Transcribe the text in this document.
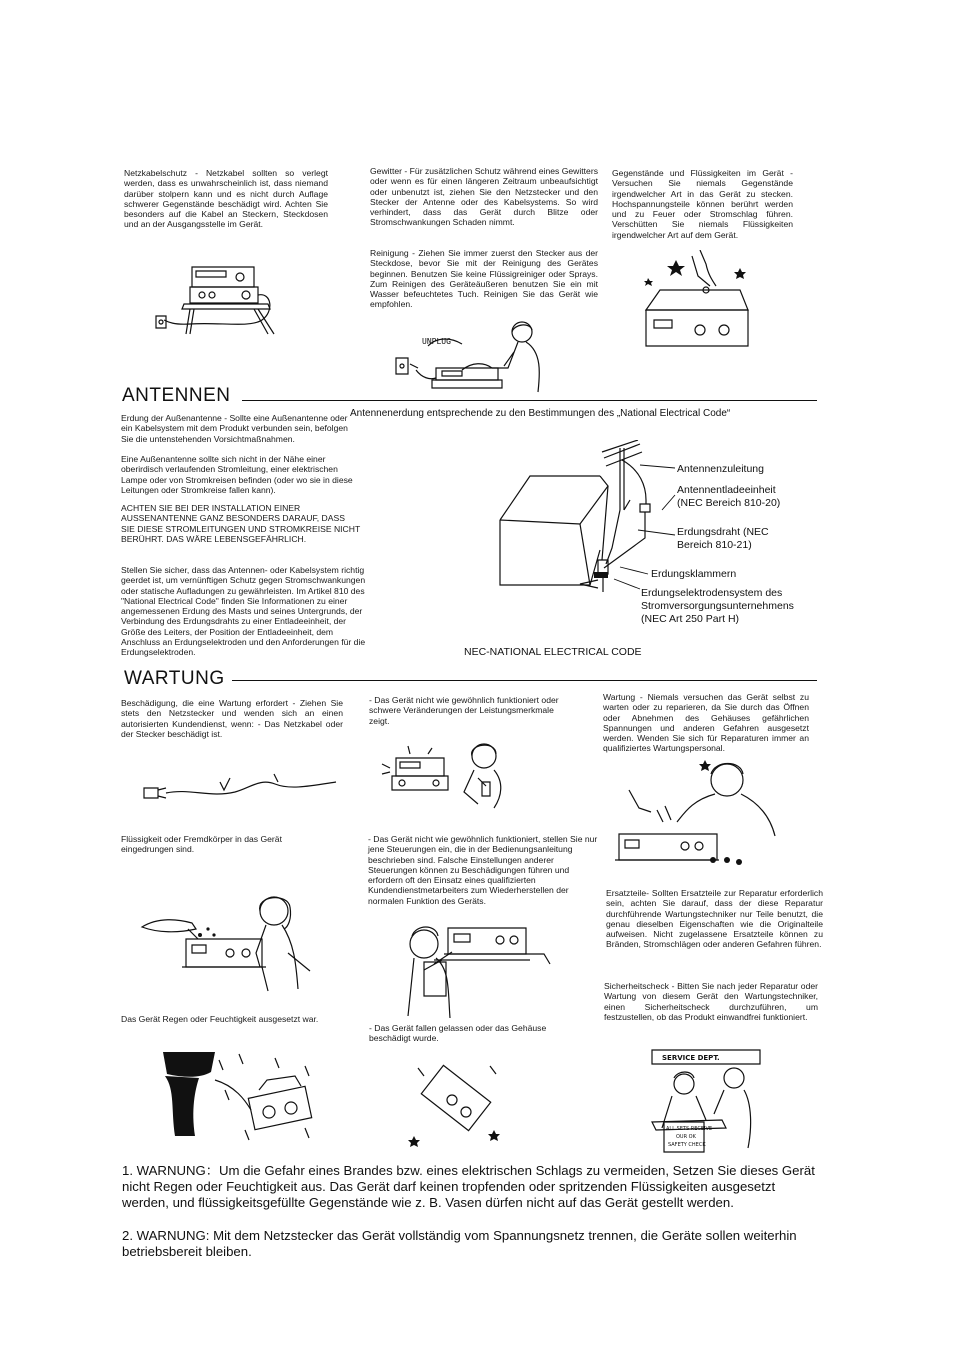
Netzkabelschutz - Netzkabel sollten so verlegt werden, dass es unwahrscheinlich ist, dass niemand darüber stolpern kann und es nicht durch Auflage schwerer Gegenstände beschädigt wird. Achten Sie besonders auf die Kabel an Steckern, Steckdosen und an der Ausgangsstelle im Gerät.
Gewitter - Für zusätzlichen Schutz während eines Gewitters oder wenn es für einen längeren Zeitraum unbeaufsichtigt oder unbenutzt ist, ziehen Sie den Netzstecker und den Stecker der Antenne oder des Kabelsystems. So wird verhindert, dass das Gerät durch Blitze oder Stromschwankungen Schaden nimmt.
Reinigung - Ziehen Sie immer zuerst den Stecker aus der Steckdose, bevor Sie mit der Reinigung des Gerätes beginnen. Benutzen Sie keine Flüssigreiniger oder Sprays. Zum Reinigen des Geräteäußeren benutzen Sie ein mit Wasser befeuchtetes Tuch. Reinigen Sie das Gerät wie empfohlen.
Gegenstände und Flüssigkeiten im Gerät - Versuchen Sie niemals Gegenstände irgendwelcher Art in das Gerät zu stecken. Hochspannungsteile können berührt werden und zu Feuer oder Stromschlag führen. Verschütten Sie niemals Flüssigkeiten irgendwelcher Art auf dem Gerät.
UNPLUG
ANTENNEN
Erdung der Außenantenne - Sollte eine Außenantenne oder ein Kabelsystem mit dem Produkt verbunden sein, befolgen Sie die untenstehenden Vorsichtmaßnahmen.
Eine Außenantenne sollte sich nicht in der Nähe einer oberirdisch verlaufenden Stromleitung, einer elektrischen Lampe oder von Stromkreisen befinden (oder wo sie in diese Leitungen oder Stromkreise fallen kann).
ACHTEN SIE BEI DER INSTALLATION EINER AUSSENANTENNE GANZ BESONDERS DARAUF, DASS SIE DIESE STROMLEITUNGEN UND STROMKREISE NICHT BERÜHRT. DAS WÄRE LEBENSGEFÄHRLICH.
Stellen Sie sicher, dass das Antennen- oder Kabelsystem richtig geerdet ist, um vernünftigen Schutz gegen Stromschwankungen oder statische Aufladungen zu gewährleisten. Im Artikel 810 des "National Electrical Code" finden Sie Informationen zu einer angemessenen Erdung des Masts und seines Untergrunds, der Verbindung des Erdungsdrahts zu einer Entladeeinheit, der Größe des Leiters, der Position der Entladeeinheit, dem Anschluss an Erdungselektroden und den Anforderungen für die Erdungselektroden.
Antennenerdung entsprechende zu den Bestimmungen des „National Electrical Code“
Antennenzuleitung
Antennentladeeinheit
(NEC Bereich 810-20)
Erdungsdraht (NEC
Bereich 810-21)
Erdungsklammern
Erdungselektrodensystem des
Stromversorgungsunternehmens
(NEC Art 250 Part H)
NEC-NATIONAL ELECTRICAL CODE
WARTUNG
Beschädigung, die eine Wartung erfordert - Ziehen Sie stets den Netzstecker und wenden sich an einen autorisierten Kundendienst, wenn: - Das Netzkabel oder der Stecker beschädigt ist.
- Das Gerät nicht wie gewöhnlich funktioniert oder schwere Veränderungen der Leistungsmerkmale zeigt.
Wartung - Niemals versuchen das Gerät selbst zu warten oder zu reparieren, da Sie durch das Öffnen oder Abnehmen des Gehäuses gefährlichen Spannungen und anderen Gefahren ausgesetzt werden. Wenden Sie sich für Reparaturen immer an qualifiziertes Wartungspersonal.
Flüssigkeit oder Fremdkörper in das Gerät eingedrungen sind.
- Das Gerät nicht wie gewöhnlich funktioniert, stellen Sie nur jene Steuerungen ein, die in der Bedienungsanleitung beschrieben sind. Falsche Einstellungen anderer Steuerungen können zu Beschädigungen führen und erfordern oft den Einsatz eines qualifizierten Kundendienstmetarbeiters zum Wiederherstellen der normalen Funktion des Geräts.
Ersatzteile- Sollten Ersatzteile zur Reparatur erforderlich sein, achten Sie darauf, dass der diese Reparatur durchführende Wartungstechniker nur Teile benutzt, die genau dieselben Eigenschaften wie die Originalteile aufweisen. Nicht zugelassene Ersatzteile können zu Bränden, Stromschlägen oder anderen Gefahren führen.
Sicherheitscheck - Bitten Sie nach jeder Reparatur oder Wartung von diesem Gerät den Wartungstechniker, einen Sicherheitscheck durchzuführen, um festzustellen, ob das Produkt einwandfrei funktioniert.
Das Gerät Regen oder Feuchtigkeit ausgesetzt war.
- Das Gerät fallen gelassen oder das Gehäuse beschädigt wurde.
SERVICE DEPT.
ALL SETS RECEIVE
OUR OK
SAFETY CHECK
1. WARNUNG：Um die Gefahr eines Brandes bzw. eines elektrischen Schlags zu vermeiden, Setzen Sie dieses Gerät nicht Regen oder Feuchtigkeit aus. Das Gerät darf keinen tropfenden oder spritzenden Flüssigkeiten ausgesetzt werden, und flüssigkeitsgefüllte Gegenstände wie z. B. Vasen dürfen nicht auf das Gerät gestellt werden.
2. WARNUNG: Mit dem Netzstecker das Gerät vollständig vom Spannungsnetz trennen, die Geräte sollen weiterhin betriebsbereit bleiben.
